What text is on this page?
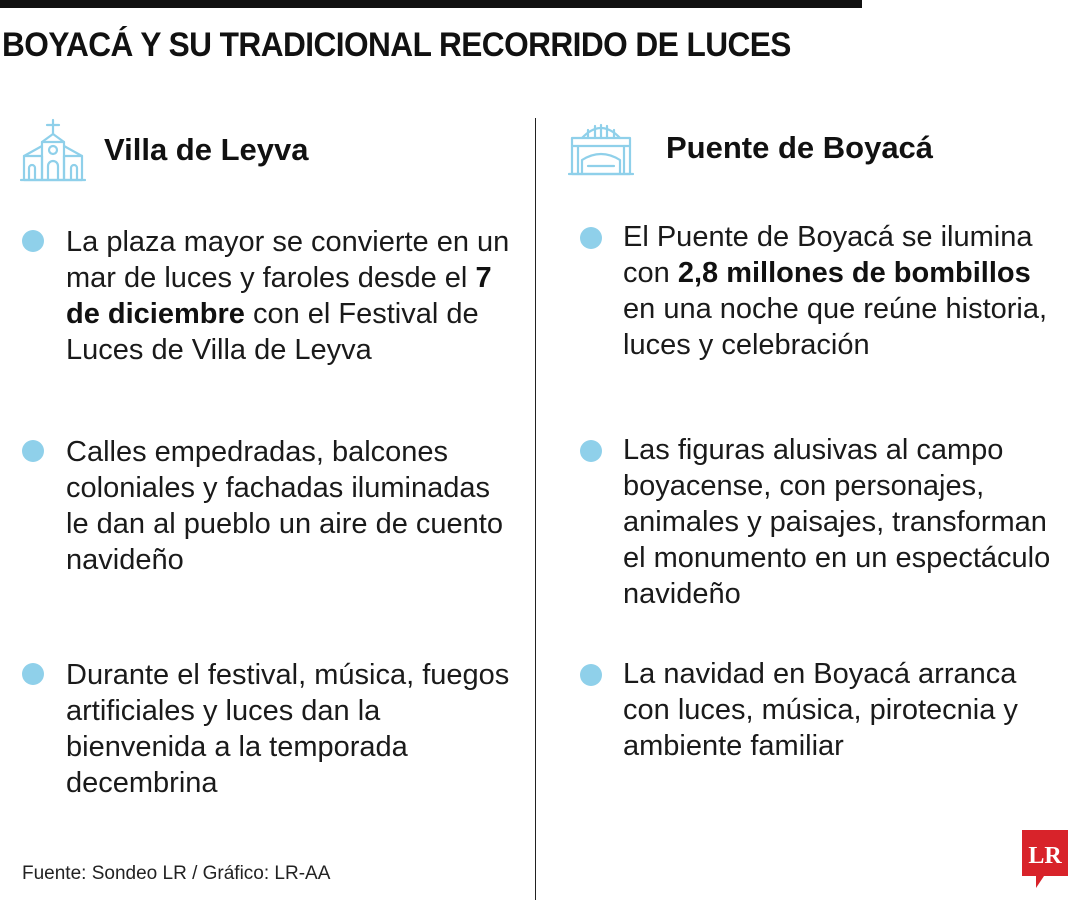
BOYACÁ Y SU TRADICIONAL RECORRIDO DE LUCES
Villa de Leyva
La plaza mayor se convierte en un mar de luces y faroles desde el 7 de diciembre con el Festival de Luces de Villa de Leyva
Calles empedradas, balcones coloniales y fachadas iluminadas le dan al pueblo un aire de cuento navideño
Durante el festival, música, fuegos artificiales y luces dan la bienvenida a la temporada decembrina
Puente de Boyacá
El Puente de Boyacá se ilumina con 2,8 millones de bombillos en una noche que reúne historia, luces y celebración
Las figuras alusivas al campo boyacense, con personajes, animales y paisajes, transforman el monumento en un espectáculo navideño
La navidad en Boyacá arranca con luces, música, pirotecnia y ambiente familiar
Fuente: Sondeo LR / Gráfico: LR-AA
LR
